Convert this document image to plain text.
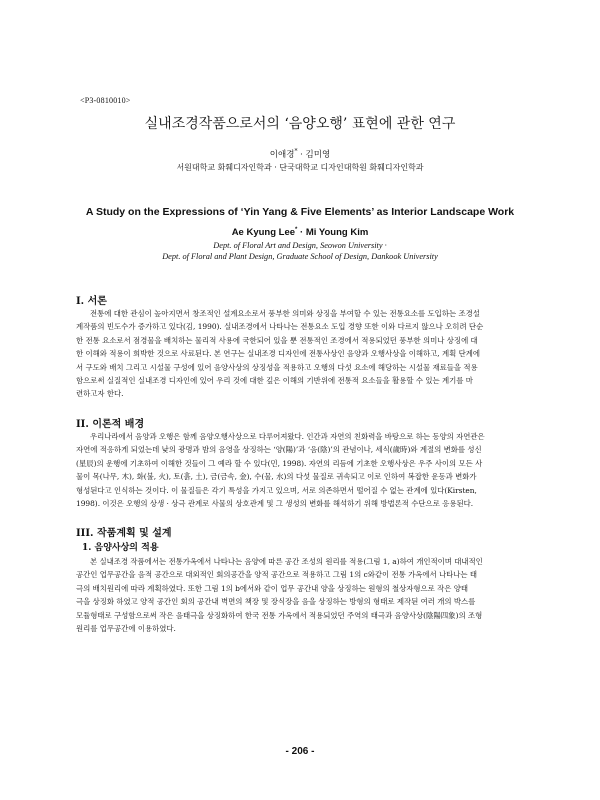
<P3-0810010>
실내조경작품으로서의 ‘음양오행’ 표현에 관한 연구
이애경* · 김미영
서원대학교 화훼디자인학과 · 단국대학교 디자인대학원 화훼디자인학과
A Study on the Expressions of ‘Yin Yang & Five Elements’ as Interior Landscape Work
Ae Kyung Lee* · Mi Young Kim
Dept. of Floral Art and Design, Seowon University ·
Dept. of Floral and Plant Design, Graduate School of Design, Dankook University
I. 서론
전통에 대한 관심이 높아지면서 창조적인 설계요소로서 풍부한 의미와 상징을 부여할 수 있는 전통요소를 도입하는 조경설
계작품의 빈도수가 증가하고 있다(김, 1990). 실내조경에서 나타나는 전통요소 도입 경향 또한 이와 다르지 않으나 오히려 단순
한 전통 요소로서 점경물을 배치하는 물리적 사용에 국한되어 있을 뿐 전통적인 조경에서 적용되었던 풍부한 의미나 상징에 대
한 이해와 적용이 희박한 것으로 사료된다. 본 연구는 실내조경 디자인에 전통사상인 음양과 오행사상을 이해하고, 계획 단계에
서 구도와 배치 그리고 시설물 구성에 있어 음양사상의 상징성을 적용하고 오행의 다섯 요소에 해당하는 시설물 재료들을 적용
함으로써 실질적인 실내조경 디자인에 있어 우리 것에 대한 깊은 이해의 기반위에 전통적 요소들을 활용할 수 있는 계기를 마
련하고자 한다.
II. 이론적 배경
우리나라에서 음양과 오행은 함께 음양오행사상으로 다루어져왔다. 인간과 자연의 친화력을 바탕으로 하는 동양의 자연관은
자연에 적응하게 되었는데 낮의 광명과 밤의 음영을 상징하는 ‘양(陽)’과 ‘음(陰)’의 관념이나, 세식(歲時)와 계절의 변화를 성신
(星辰)의 운행에 기초하여 이해한 것들이 그 예라 할 수 있다(민, 1998). 자연의 리듬에 기초한 오행사상은 우주 사이의 모든 사
물이 목(나무, 木), 화(불, 火), 토(흙, 土), 금(금속, 金), 수(물, 水)의 다섯 물질로 귀속되고 이로 인하여 복잡한 운동과 변화가
형성된다고 인식하는 것이다. 이 물질들은 각기 특성을 가지고 있으며, 서로 의존하면서 떨어질 수 없는 관계에 있다(Kirsten,
1998). 이것은 오행의 상생 · 상극 관계로 사물의 상호관계 및 그 생성의 변화를 해석하기 위해 방법론적 수단으로 응용된다.
III. 작품계획 및 설계
1. 음양사상의 적용
본 실내조경 작품에서는 전통가옥에서 나타나는 음양에 따른 공간 조성의 원리를 적용(그림 1, a)하여 개인적이며 대내적인
공간인 업무공간을 음적 공간으로 대외적인 회의공간을 양적 공간으로 적용하고 그림 1의 c와같이 전통 가옥에서 나타나는 태
극의 배치원리에 따라 계획하였다. 또한 그림 1의 b에서와 같이 업무 공간내 양을 상징하는 원형의 철상자형으로 작은 양태
극을 상징화 하였고 양적 공간인 회의 공간내 벽면의 책장 및 장식장을 음을 상징하는 방형의 형태로 제작된 여러 개의 박스를
모듈형태로 구성함으로써 작은 음태극을 상징화하여 한국 전통 가옥에서 적용되었던 주역의 태극과 음양사상(陰陽四象)의 조형
원리를 업무공간에 이용하였다.
- 206 -
